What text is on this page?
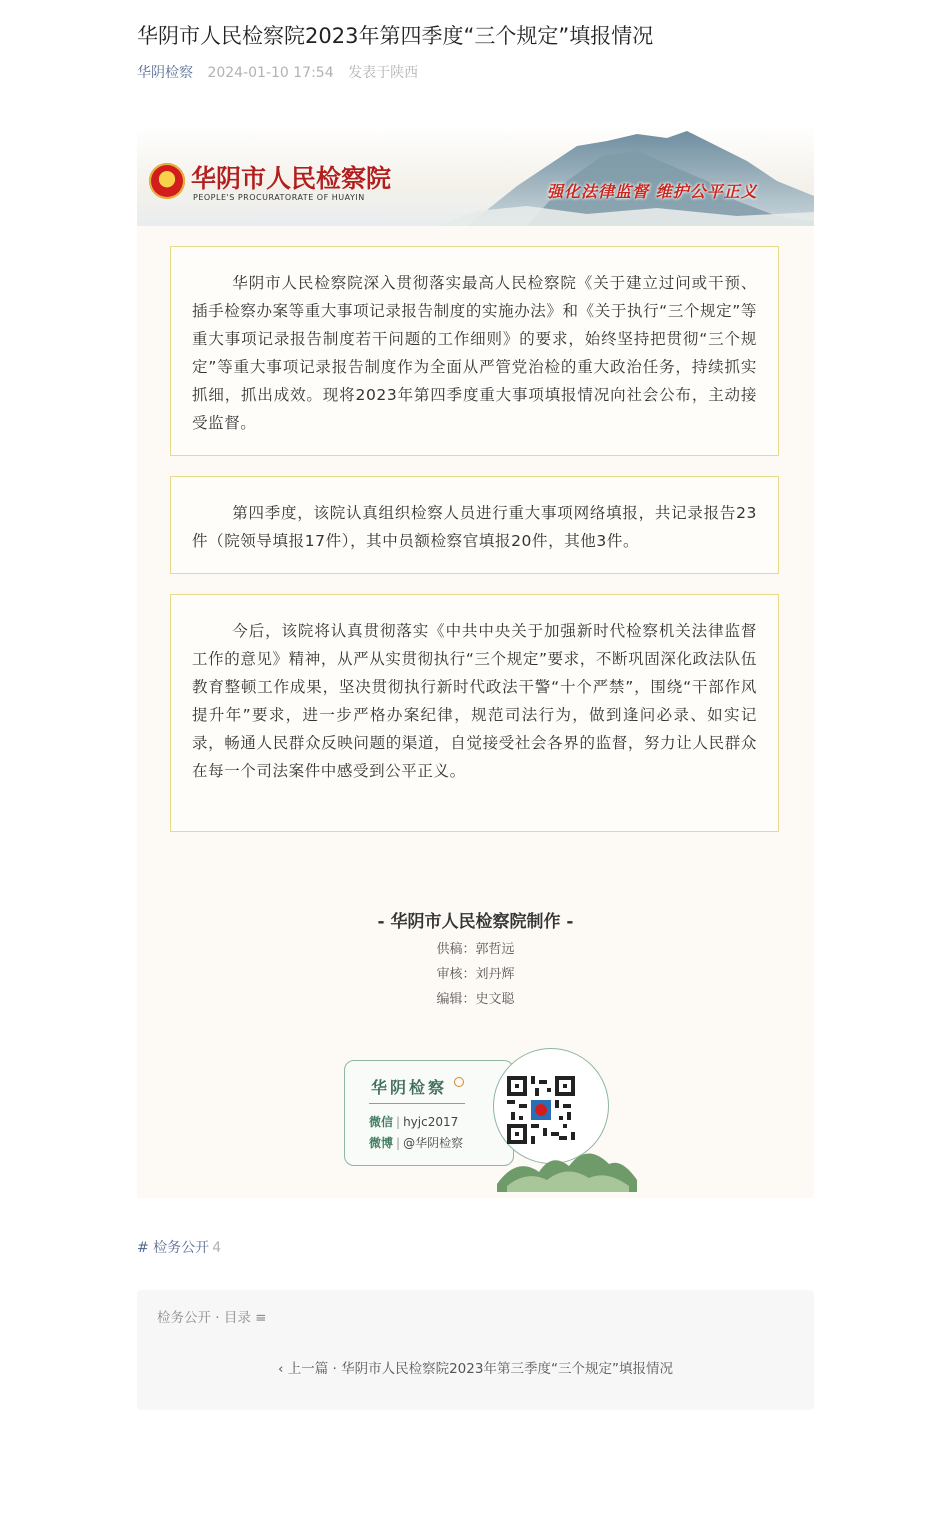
华阴市人民检察院2023年第四季度“三个规定”填报情况
华阴检察 2024-01-10 17:54 发表于陕西
华阴市人民检察院
PEOPLE'S PROCURATORATE OF HUAYIN	强化法律监督 维护公平正义

华阴市人民检察院深入贯彻落实最高人民检察院《关于建立过问或干预、插手检察办案等重大事项记录报告制度的实施办法》和《关于执行“三个规定”等重大事项记录报告制度若干问题的工作细则》的要求，始终坚持把贯彻“三个规定”等重大事项记录报告制度作为全面从严管党治检的重大政治任务，持续抓实抓细，抓出成效。现将2023年第四季度重大事项填报情况向社会公布，主动接受监督。

第四季度，该院认真组织检察人员进行重大事项网络填报，共记录报告23件（院领导填报17件），其中员额检察官填报20件，其他3件。

今后，该院将认真贯彻落实《中共中央关于加强新时代检察机关法律监督工作的意见》精神，从严从实贯彻执行“三个规定”要求，不断巩固深化政法队伍教育整顿工作成果，坚决贯彻执行新时代政法干警“十个严禁”，围绕“干部作风提升年”要求，进一步严格办案纪律，规范司法行为，做到逢问必录、如实记录，畅通人民群众反映问题的渠道，自觉接受社会各界的监督，努力让人民群众在每一个司法案件中感受到公平正义。

- 华阴市人民检察院制作 -
供稿：郭哲远
审核：刘丹辉
编辑：史文聪
华阴检察
微信 | hyjc2017
微博 | @华阴检察
# 检务公开 4
检务公开 · 目录 ≡
‹ 上一篇 · 华阴市人民检察院2023年第三季度“三个规定”填报情况
